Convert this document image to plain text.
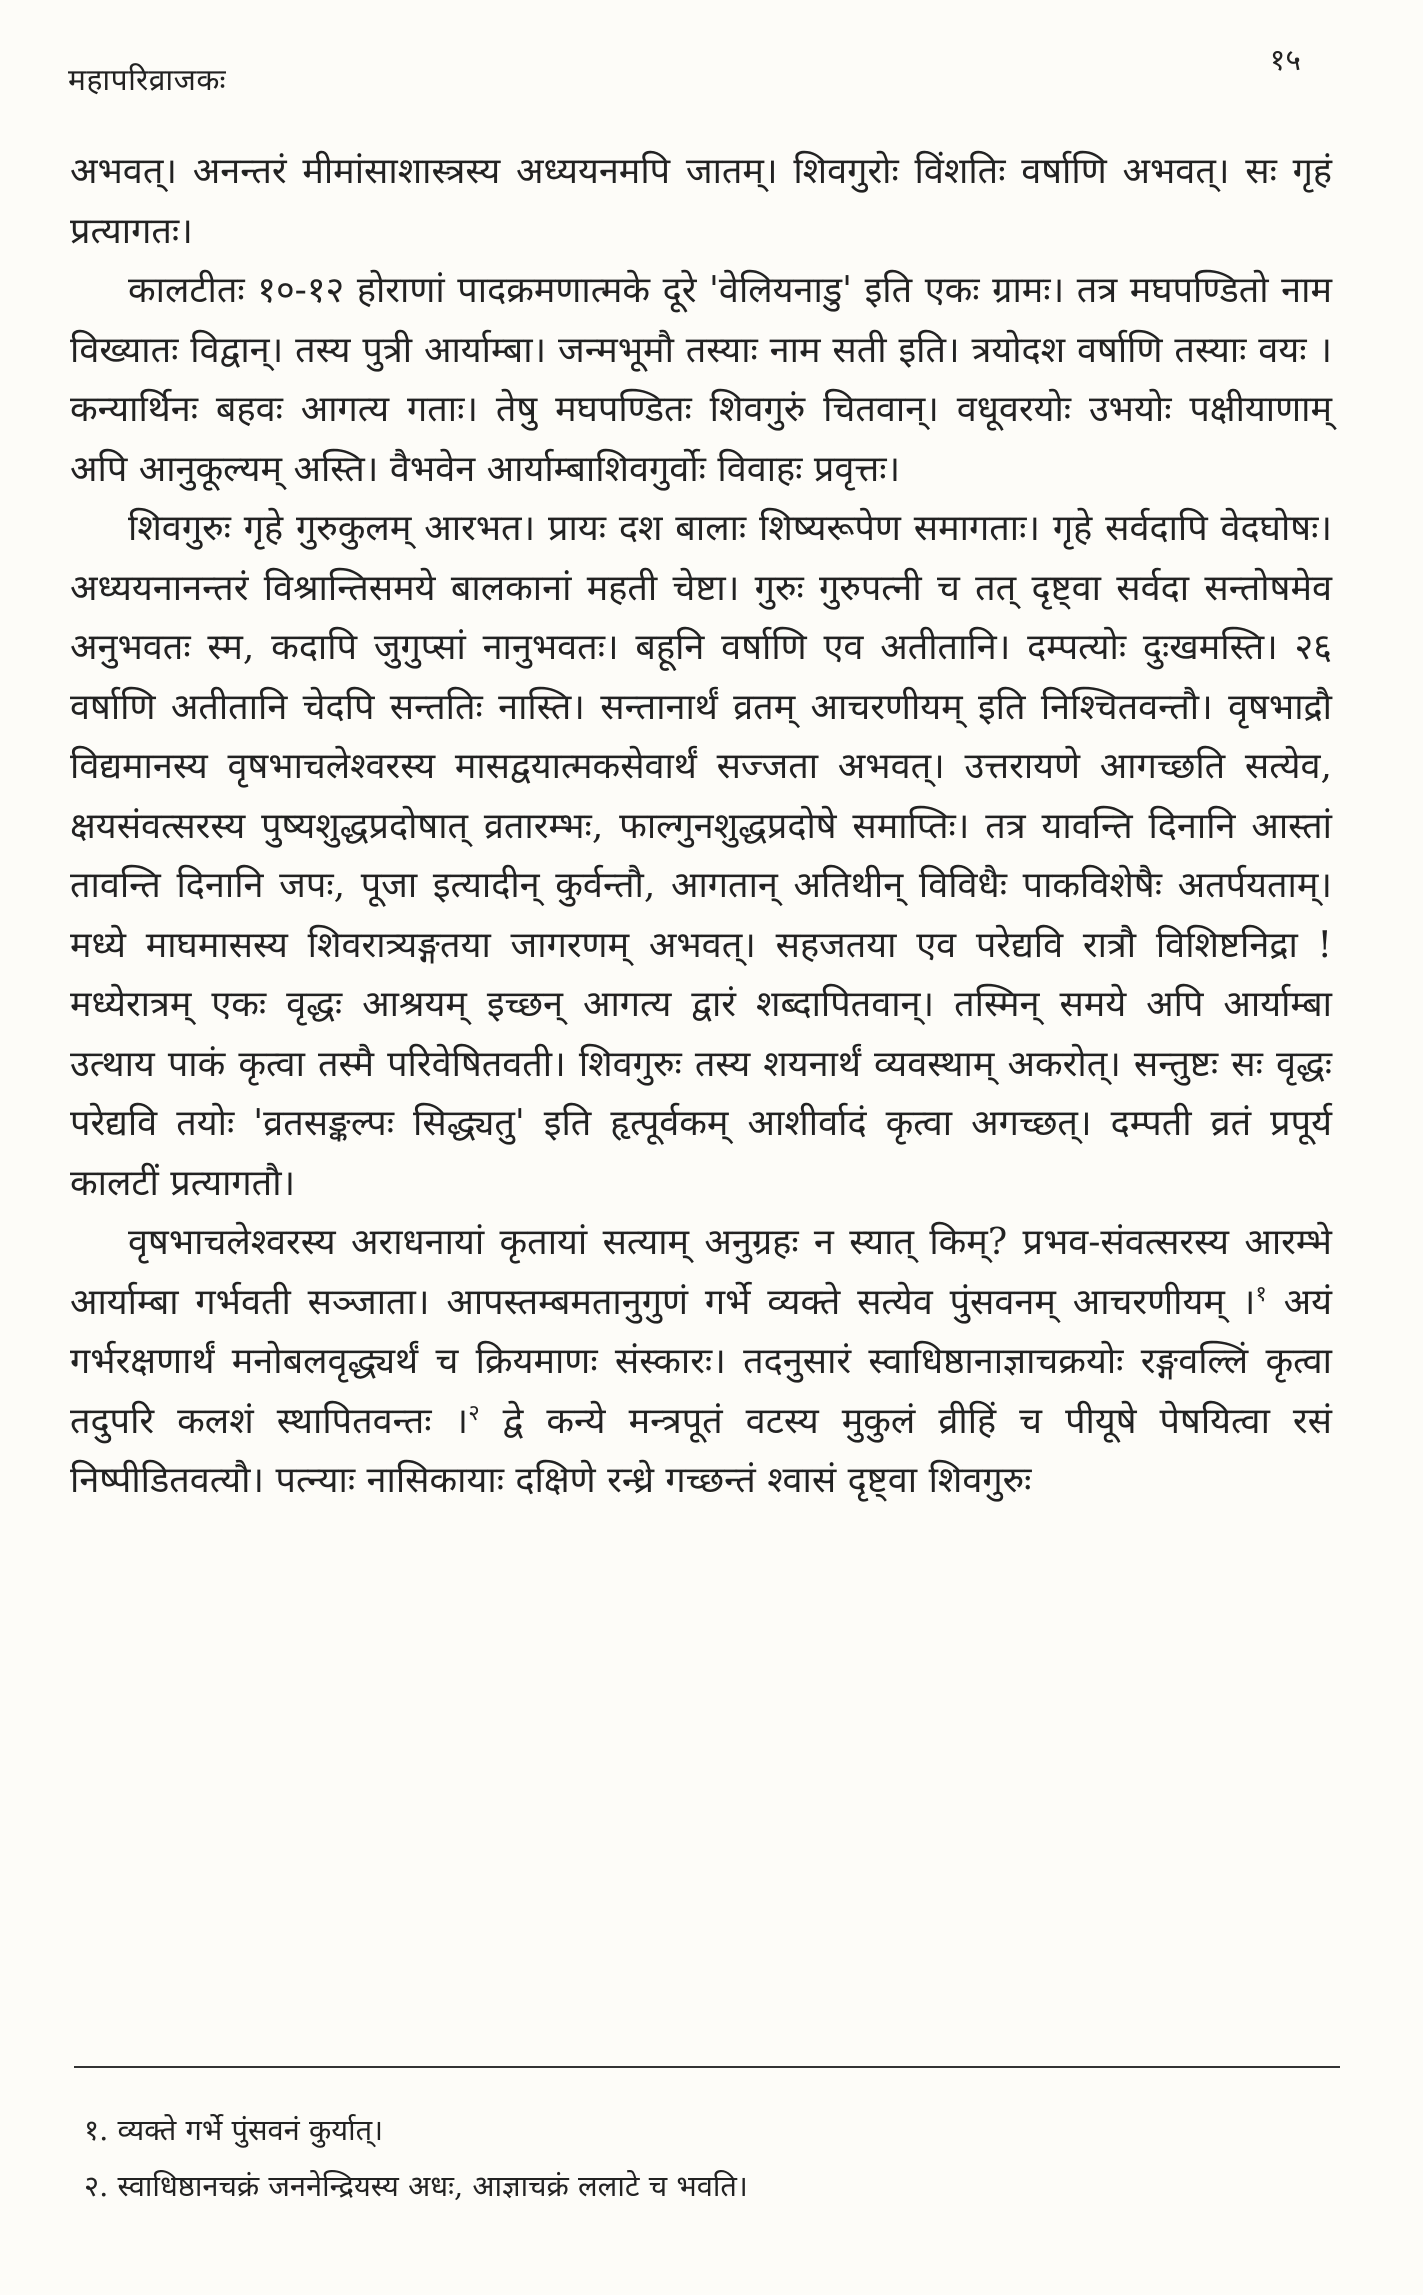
महापरिव्राजकः
१५

अभवत्। अनन्तरं मीमांसाशास्त्रस्य अध्ययनमपि जातम्। शिवगुरोः विंशतिः वर्षाणि अभवत्। सः गृहं प्रत्यागतः।

कालटीतः १०-१२ होराणां पादक्रमणात्मके दूरे 'वेलियनाडु' इति एकः ग्रामः। तत्र मघपण्डितो नाम विख्यातः विद्वान्। तस्य पुत्री आर्याम्बा। जन्मभूमौ तस्याः नाम सती इति। त्रयोदश वर्षाणि तस्याः वयः । कन्यार्थिनः बहवः आगत्य गताः। तेषु मघपण्डितः शिवगुरुं चितवान्। वधूवरयोः उभयोः पक्षीयाणाम् अपि आनुकूल्यम् अस्ति। वैभवेन आर्याम्बाशिवगुर्वोः विवाहः प्रवृत्तः।

शिवगुरुः गृहे गुरुकुलम् आरभत। प्रायः दश बालाः शिष्यरूपेण समागताः। गृहे सर्वदापि वेदघोषः। अध्ययनानन्तरं विश्रान्तिसमये बालकानां महती चेष्टा। गुरुः गुरुपत्नी च तत् दृष्ट्वा सर्वदा सन्तोषमेव अनुभवतः स्म, कदापि जुगुप्सां नानुभवतः। बहूनि वर्षाणि एव अतीतानि। दम्पत्योः दुःखमस्ति। २६ वर्षाणि अतीतानि चेदपि सन्ततिः नास्ति। सन्तानार्थं व्रतम् आचरणीयम् इति निश्चितवन्तौ। वृषभाद्रौ विद्यमानस्य वृषभाचलेश्वरस्य मासद्वयात्मकसेवार्थं सज्जता अभवत्। उत्तरायणे आगच्छति सत्येव, क्षयसंवत्सरस्य पुष्यशुद्धप्रदोषात् व्रतारम्भः, फाल्गुनशुद्धप्रदोषे समाप्तिः। तत्र यावन्ति दिनानि आस्तां तावन्ति दिनानि जपः, पूजा इत्यादीन् कुर्वन्तौ, आगतान् अतिथीन् विविधैः पाकविशेषैः अतर्पयताम्। मध्ये माघमासस्य शिवरात्र्यङ्गतया जागरणम् अभवत्। सहजतया एव परेद्यवि रात्रौ विशिष्टनिद्रा ! मध्येरात्रम् एकः वृद्धः आश्रयम् इच्छन् आगत्य द्वारं शब्दापितवान्। तस्मिन् समये अपि आर्याम्बा उत्थाय पाकं कृत्वा तस्मै परिवेषितवती। शिवगुरुः तस्य शयनार्थं व्यवस्थाम् अकरोत्। सन्तुष्टः सः वृद्धः परेद्यवि तयोः 'व्रतसङ्कल्पः सिद्ध्यतु' इति हृत्पूर्वकम् आशीर्वादं कृत्वा अगच्छत्। दम्पती व्रतं प्रपूर्य कालटीं प्रत्यागतौ।

वृषभाचलेश्वरस्य अराधनायां कृतायां सत्याम् अनुग्रहः न स्यात् किम्? प्रभव-संवत्सरस्य आरम्भे आर्याम्बा गर्भवती सञ्जाता। आपस्तम्बमतानुगुणं गर्भे व्यक्ते सत्येव पुंसवनम् आचरणीयम् ।$^१$ अयं गर्भरक्षणार्थं मनोबलवृद्ध्यर्थं च क्रियमाणः संस्कारः। तदनुसारं स्वाधिष्ठानाज्ञाचक्रयोः रङ्गवल्लिं कृत्वा तदुपरि कलशं स्थापितवन्तः ।$^२$ द्वे कन्ये मन्त्रपूतं वटस्य मुकुलं व्रीहिं च पीयूषे पेषयित्वा रसं निष्पीडितवत्यौ। पत्न्याः नासिकायाः दक्षिणे रन्ध्रे गच्छन्तं श्वासं दृष्ट्वा शिवगुरुः

१. व्यक्ते गर्भे पुंसवनं कुर्यात्।

२. स्वाधिष्ठानचक्रं जननेन्द्रियस्य अधः, आज्ञाचक्रं ललाटे च भवति।
